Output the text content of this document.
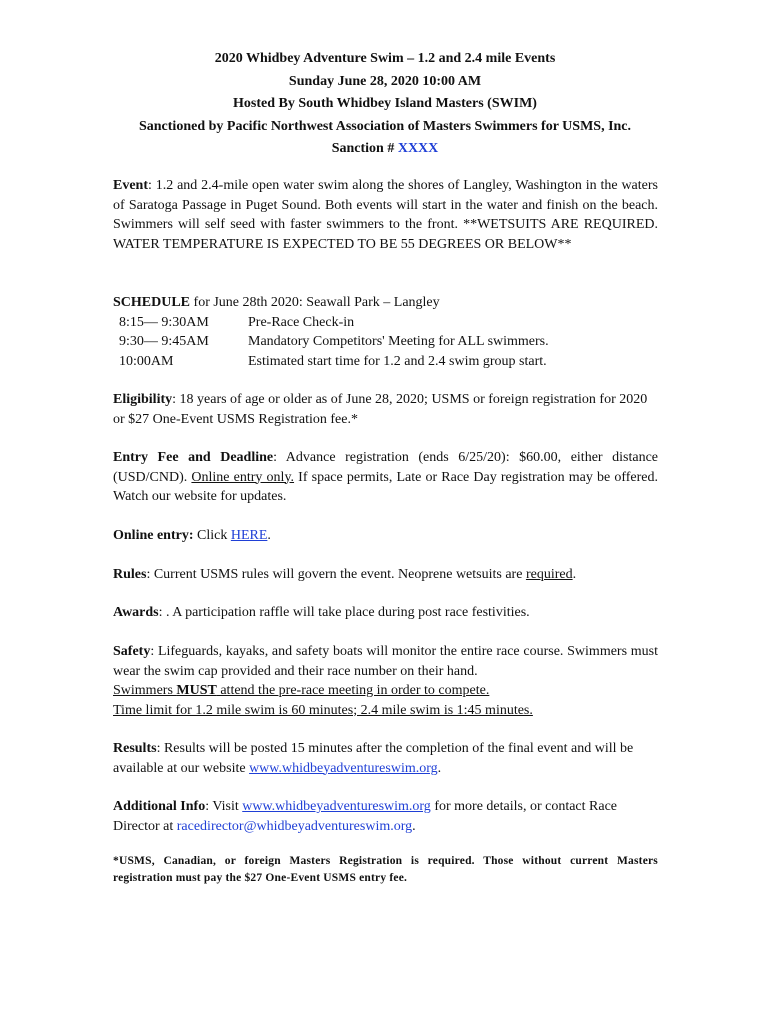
2020 Whidbey Adventure Swim – 1.2 and 2.4 mile Events
Sunday June 28, 2020 10:00 AM
Hosted By South Whidbey Island Masters (SWIM)
Sanctioned by Pacific Northwest Association of Masters Swimmers for USMS, Inc.
Sanction # XXXX
Event: 1.2 and 2.4-mile open water swim along the shores of Langley, Washington in the waters of Saratoga Passage in Puget Sound. Both events will start in the water and finish on the beach. Swimmers will self seed with faster swimmers to the front. **WETSUITS ARE REQUIRED. WATER TEMPERATURE IS EXPECTED TO BE 55 DEGREES OR BELOW**
SCHEDULE for June 28th 2020: Seawall Park – Langley
8:15— 9:30AM	Pre-Race Check-in
9:30— 9:45AM	Mandatory Competitors' Meeting for ALL swimmers.
10:00AM	Estimated start time for 1.2 and 2.4 swim group start.
Eligibility: 18 years of age or older as of June 28, 2020; USMS or foreign registration for 2020 or $27 One-Event USMS Registration fee.*
Entry Fee and Deadline: Advance registration (ends 6/25/20): $60.00, either distance (USD/CND). Online entry only. If space permits, Late or Race Day registration may be offered. Watch our website for updates.
Online entry: Click HERE.
Rules: Current USMS rules will govern the event. Neoprene wetsuits are required.
Awards: . A participation raffle will take place during post race festivities.
Safety: Lifeguards, kayaks, and safety boats will monitor the entire race course. Swimmers must wear the swim cap provided and their race number on their hand.
Swimmers MUST attend the pre-race meeting in order to compete.
Time limit for 1.2 mile swim is 60 minutes; 2.4 mile swim is 1:45 minutes.
Results: Results will be posted 15 minutes after the completion of the final event and will be available at our website www.whidbeyadventureswim.org.
Additional Info: Visit www.whidbeyadventureswim.org for more details, or contact Race Director at racedirector@whidbeyadventureswim.org.
*USMS, Canadian, or foreign Masters Registration is required. Those without current Masters registration must pay the $27 One-Event USMS entry fee.
